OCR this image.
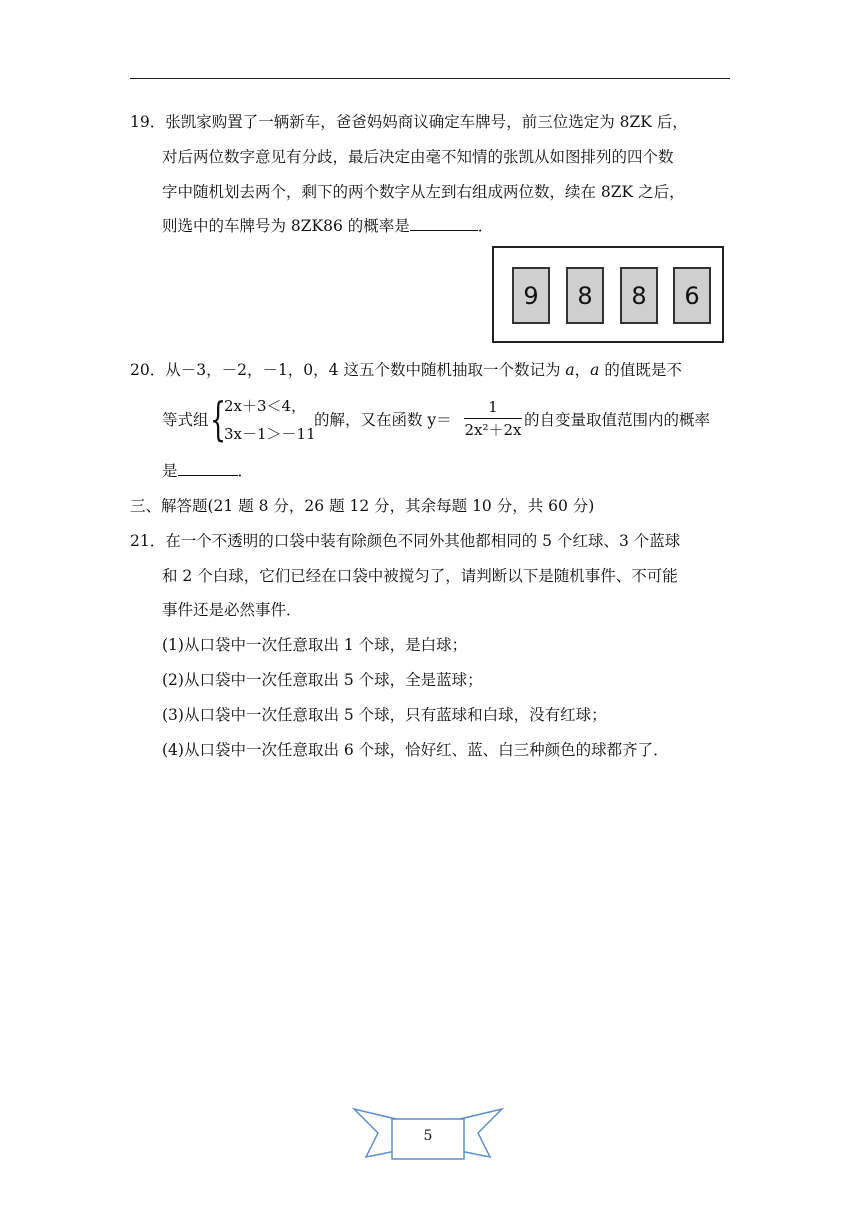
19．张凯家购置了一辆新车，爸爸妈妈商议确定车牌号，前三位选定为 8ZK 后，
对后两位数字意见有分歧，最后决定由毫不知情的张凯从如图排列的四个数
字中随机划去两个，剩下的两个数字从左到右组成两位数，续在 8ZK 之后，
则选中的车牌号为 8ZK86 的概率是	．
9	8	8	6
20．从－3，－2，－1，0，4 这五个数中随机抽取一个数记为 a，a 的值既是不
等式组 {
2x＋3＜4，
3x－1＞－11
的解，又在函数 y＝
1
2x²＋2x
的自变量取值范围内的概率
是	．
三、解答题(21 题 8 分，26 题 12 分，其余每题 10 分，共 60 分)
21．在一个不透明的口袋中装有除颜色不同外其他都相同的 5 个红球、3 个蓝球
和 2 个白球，它们已经在口袋中被搅匀了，请判断以下是随机事件、不可能
事件还是必然事件．
(1)从口袋中一次任意取出 1 个球，是白球；
(2)从口袋中一次任意取出 5 个球，全是蓝球；
(3)从口袋中一次任意取出 5 个球，只有蓝球和白球，没有红球；
(4)从口袋中一次任意取出 6 个球，恰好红、蓝、白三种颜色的球都齐了．
5
